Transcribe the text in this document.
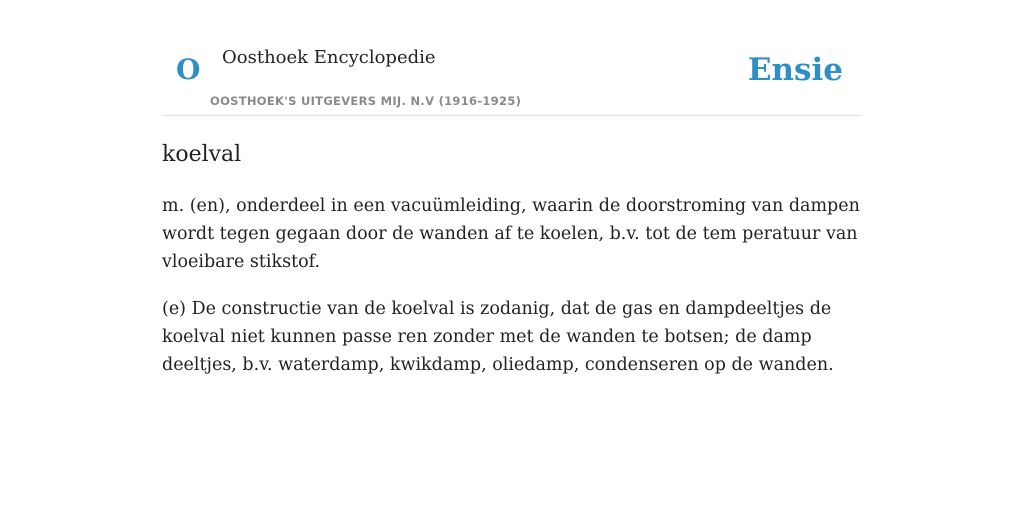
O Oosthoek Encyclopedie
OOSTHOEK'S UITGEVERS MIJ. N.V (1916-1925)
Ensie
koelval

m. (en), onderdeel in een vacuümleiding, waarin de doorstroming van dampen wordt tegen gegaan door de wanden af te koelen, b.v. tot de tem peratuur van vloeibare stikstof.

(e) De constructie van de koelval is zodanig, dat de gas en dampdeeltjes de koelval niet kunnen passe ren zonder met de wanden te botsen; de damp deeltjes, b.v. waterdamp, kwikdamp, oliedamp, condenseren op de wanden.
